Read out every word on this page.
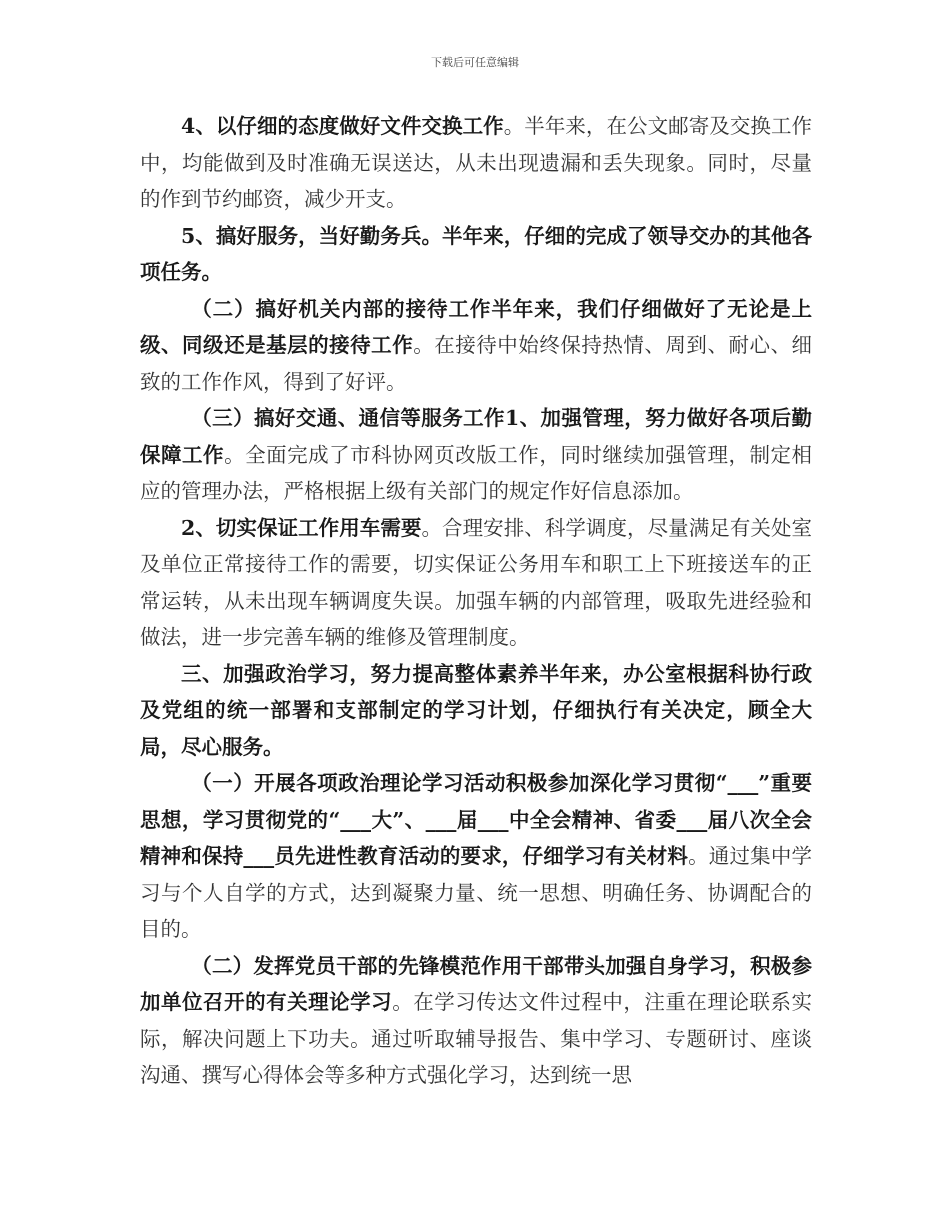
下载后可任意编辑

4、以仔细的态度做好文件交换工作。半年来，在公文邮寄及交换工作中，均能做到及时准确无误送达，从未出现遗漏和丢失现象。同时，尽量的作到节约邮资，减少开支。

5、搞好服务，当好勤务兵。半年来，仔细的完成了领导交办的其他各项任务。

（二）搞好机关内部的接待工作半年来，我们仔细做好了无论是上级、同级还是基层的接待工作。在接待中始终保持热情、周到、耐心、细致的工作作风，得到了好评。

（三）搞好交通、通信等服务工作1、加强管理，努力做好各项后勤保障工作。全面完成了市科协网页改版工作，同时继续加强管理，制定相应的管理办法，严格根据上级有关部门的规定作好信息添加。

2、切实保证工作用车需要。合理安排、科学调度，尽量满足有关处室及单位正常接待工作的需要，切实保证公务用车和职工上下班接送车的正常运转，从未出现车辆调度失误。加强车辆的内部管理，吸取先进经验和做法，进一步完善车辆的维修及管理制度。

三、加强政治学习，努力提高整体素养半年来，办公室根据科协行政及党组的统一部署和支部制定的学习计划，仔细执行有关决定，顾全大局，尽心服务。

（一）开展各项政治理论学习活动积极参加深化学习贯彻“___”重要思想，学习贯彻党的“___大”、___届___中全会精神、省委___届八次全会精神和保持___员先进性教育活动的要求，仔细学习有关材料。通过集中学习与个人自学的方式，达到凝聚力量、统一思想、明确任务、协调配合的目的。

（二）发挥党员干部的先锋模范作用干部带头加强自身学习，积极参加单位召开的有关理论学习。在学习传达文件过程中，注重在理论联系实际，解决问题上下功夫。通过听取辅导报告、集中学习、专题研讨、座谈沟通、撰写心得体会等多种方式强化学习，达到统一思
